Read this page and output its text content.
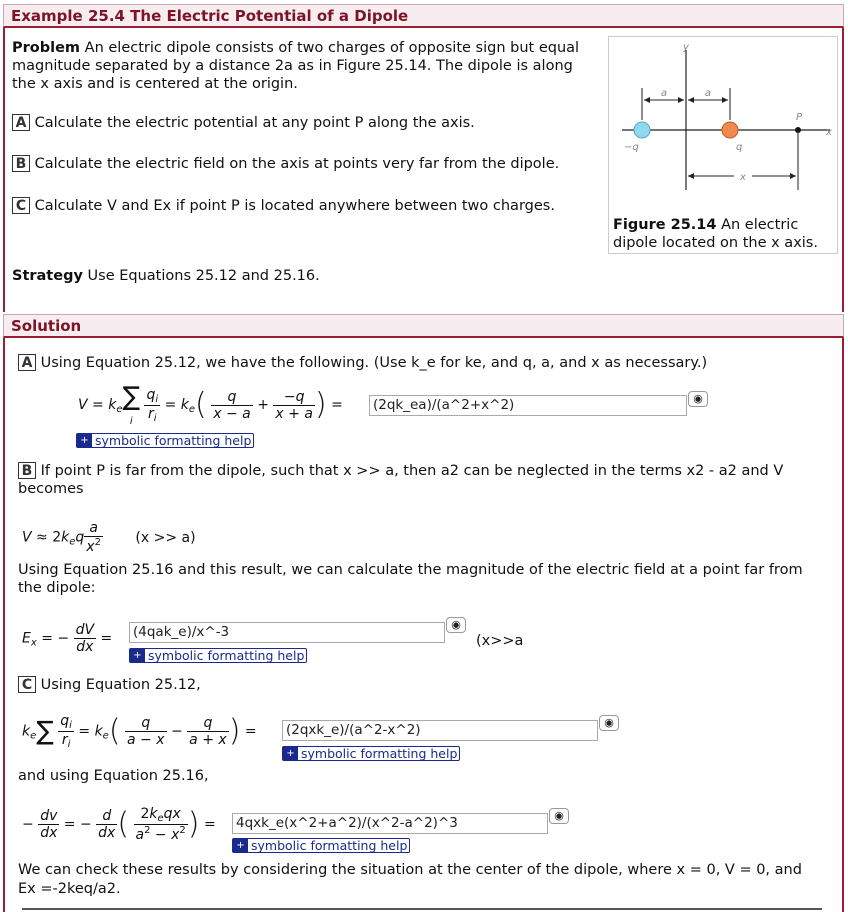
Example 25.4 The Electric Potential of a Dipole
Problem An electric dipole consists of two charges of opposite sign but equal
magnitude separated by a distance 2a as in Figure 25.14. The dipole is along
the x axis and is centered at the origin.
A Calculate the electric potential at any point P along the axis.
B Calculate the electric field on the axis at points very far from the dipole.
C Calculate V and Ex if point P is located anywhere between two charges.
Strategy Use Equations 25.12 and 25.16.
y
x
a	a
−q	q
P
x
Figure 25.14 An electric
dipole located on the x axis.
Solution
A Using Equation 25.12, we have the following. (Use k_e for ke, and q, a, and x as necessary.)
$V = k_e\sum$
i $\frac{q_i}{r_i} = k_e( \frac{q}{x - a} + \frac{-q}{x + a}$ ) = (2qk_ea)/(a^2+x^2)	◉
+ symbolic formatting help
B If point P is far from the dipole, such that x >> a, then a2 can be neglected in the terms x2 - a2 and V
becomes
$V \approx 2k_eq \frac{a}{x^2} (x >> a)$
Using Equation 25.16 and this result, we can calculate the magnitude of the electric field at a point far from
the dipole:
$E_x$ = − $\frac{dV}{dx}$ = (4qak_e)/x^-3	◉
+ symbolic formatting help
(x>>a
C Using Equation 25.12,
$k_e\sum \frac{q_i}{r_i} = k_e( \frac{q}{a - x} - \frac{q}{a + x}$ ) = (2qxk_e)/(a^2-x^2)	◉
+ symbolic formatting help
and using Equation 25.16,
− $\frac{dv}{dx}$ = − $\frac{d}{dx}$ ( $\frac{2k_eqx}{a^2 - x^2}$ ) = 4qxk_e(x^2+a^2)/(x^2-a^2)^3	◉
+ symbolic formatting help
We can check these results by considering the situation at the center of the dipole, where x = 0, V = 0, and
Ex =-2keq/a2.
